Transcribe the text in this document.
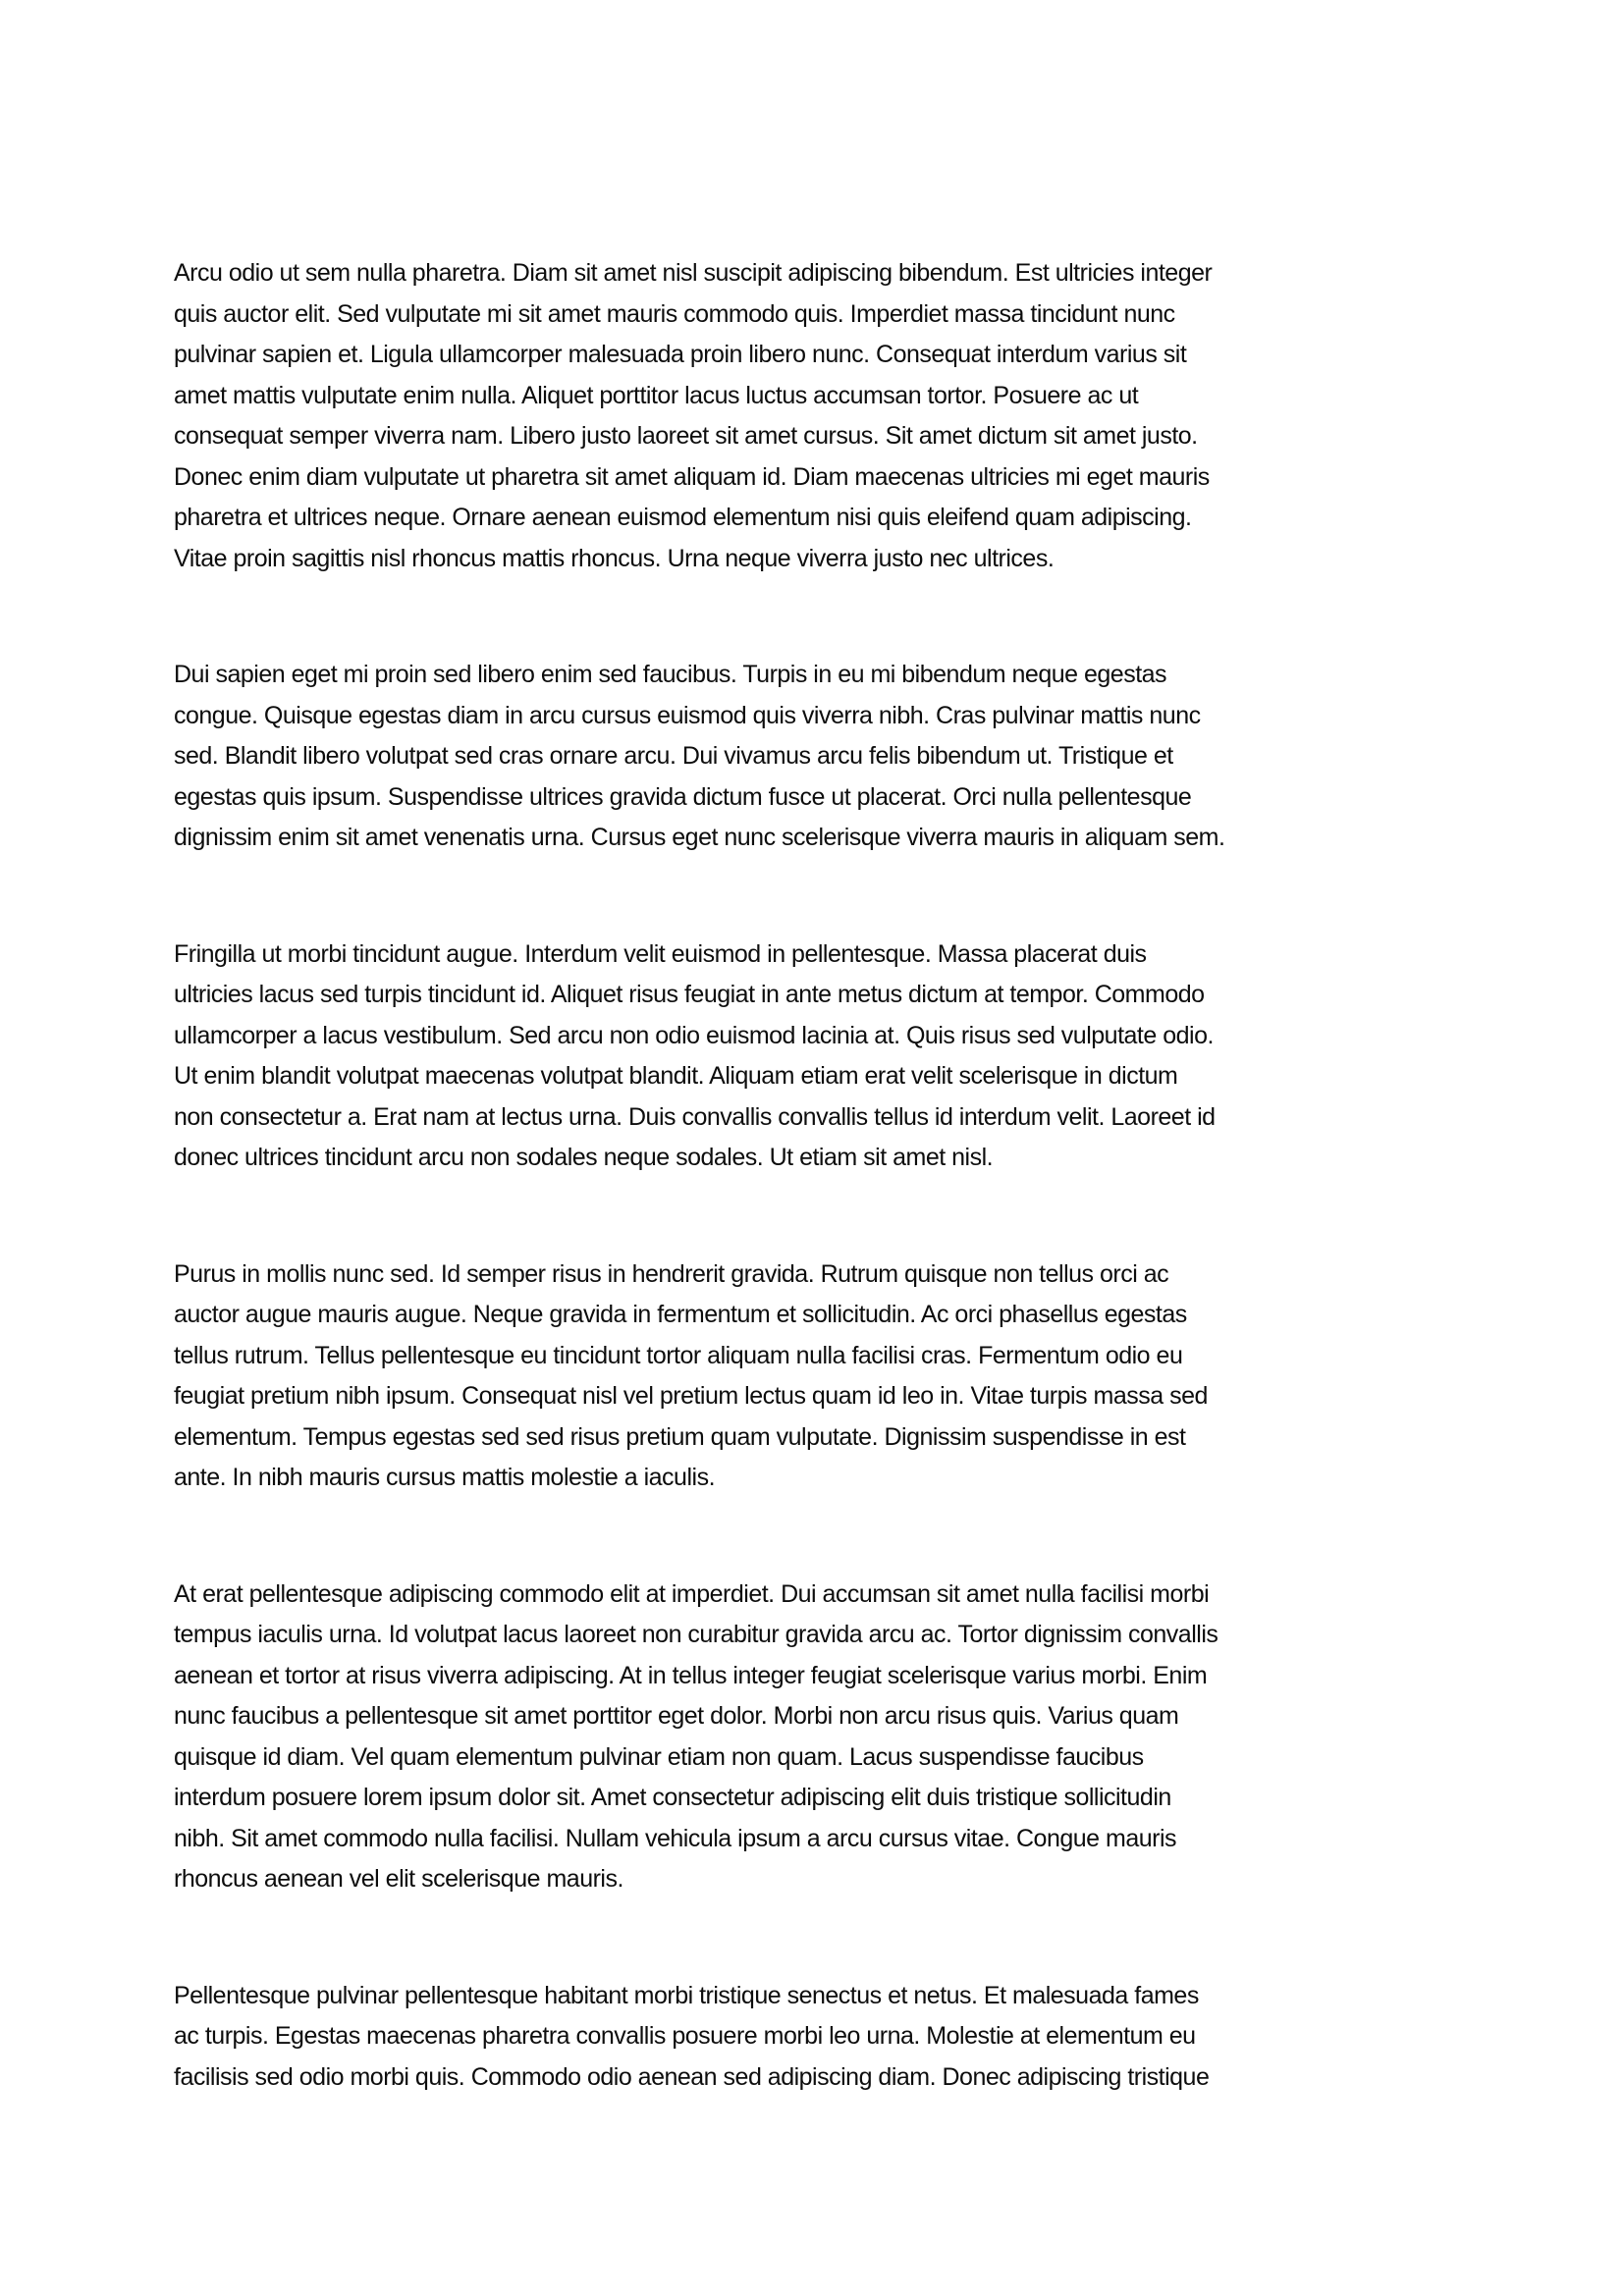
Arcu odio ut sem nulla pharetra. Diam sit amet nisl suscipit adipiscing bibendum. Est ultricies integer
quis auctor elit. Sed vulputate mi sit amet mauris commodo quis. Imperdiet massa tincidunt nunc
pulvinar sapien et. Ligula ullamcorper malesuada proin libero nunc. Consequat interdum varius sit
amet mattis vulputate enim nulla. Aliquet porttitor lacus luctus accumsan tortor. Posuere ac ut
consequat semper viverra nam. Libero justo laoreet sit amet cursus. Sit amet dictum sit amet justo.
Donec enim diam vulputate ut pharetra sit amet aliquam id. Diam maecenas ultricies mi eget mauris
pharetra et ultrices neque. Ornare aenean euismod elementum nisi quis eleifend quam adipiscing.
Vitae proin sagittis nisl rhoncus mattis rhoncus. Urna neque viverra justo nec ultrices.

Dui sapien eget mi proin sed libero enim sed faucibus. Turpis in eu mi bibendum neque egestas
congue. Quisque egestas diam in arcu cursus euismod quis viverra nibh. Cras pulvinar mattis nunc
sed. Blandit libero volutpat sed cras ornare arcu. Dui vivamus arcu felis bibendum ut. Tristique et
egestas quis ipsum. Suspendisse ultrices gravida dictum fusce ut placerat. Orci nulla pellentesque
dignissim enim sit amet venenatis urna. Cursus eget nunc scelerisque viverra mauris in aliquam sem.

Fringilla ut morbi tincidunt augue. Interdum velit euismod in pellentesque. Massa placerat duis
ultricies lacus sed turpis tincidunt id. Aliquet risus feugiat in ante metus dictum at tempor. Commodo
ullamcorper a lacus vestibulum. Sed arcu non odio euismod lacinia at. Quis risus sed vulputate odio.
Ut enim blandit volutpat maecenas volutpat blandit. Aliquam etiam erat velit scelerisque in dictum
non consectetur a. Erat nam at lectus urna. Duis convallis convallis tellus id interdum velit. Laoreet id
donec ultrices tincidunt arcu non sodales neque sodales. Ut etiam sit amet nisl.

Purus in mollis nunc sed. Id semper risus in hendrerit gravida. Rutrum quisque non tellus orci ac
auctor augue mauris augue. Neque gravida in fermentum et sollicitudin. Ac orci phasellus egestas
tellus rutrum. Tellus pellentesque eu tincidunt tortor aliquam nulla facilisi cras. Fermentum odio eu
feugiat pretium nibh ipsum. Consequat nisl vel pretium lectus quam id leo in. Vitae turpis massa sed
elementum. Tempus egestas sed sed risus pretium quam vulputate. Dignissim suspendisse in est
ante. In nibh mauris cursus mattis molestie a iaculis.

At erat pellentesque adipiscing commodo elit at imperdiet. Dui accumsan sit amet nulla facilisi morbi
tempus iaculis urna. Id volutpat lacus laoreet non curabitur gravida arcu ac. Tortor dignissim convallis
aenean et tortor at risus viverra adipiscing. At in tellus integer feugiat scelerisque varius morbi. Enim
nunc faucibus a pellentesque sit amet porttitor eget dolor. Morbi non arcu risus quis. Varius quam
quisque id diam. Vel quam elementum pulvinar etiam non quam. Lacus suspendisse faucibus
interdum posuere lorem ipsum dolor sit. Amet consectetur adipiscing elit duis tristique sollicitudin
nibh. Sit amet commodo nulla facilisi. Nullam vehicula ipsum a arcu cursus vitae. Congue mauris
rhoncus aenean vel elit scelerisque mauris.

Pellentesque pulvinar pellentesque habitant morbi tristique senectus et netus. Et malesuada fames
ac turpis. Egestas maecenas pharetra convallis posuere morbi leo urna. Molestie at elementum eu
facilisis sed odio morbi quis. Commodo odio aenean sed adipiscing diam. Donec adipiscing tristique
